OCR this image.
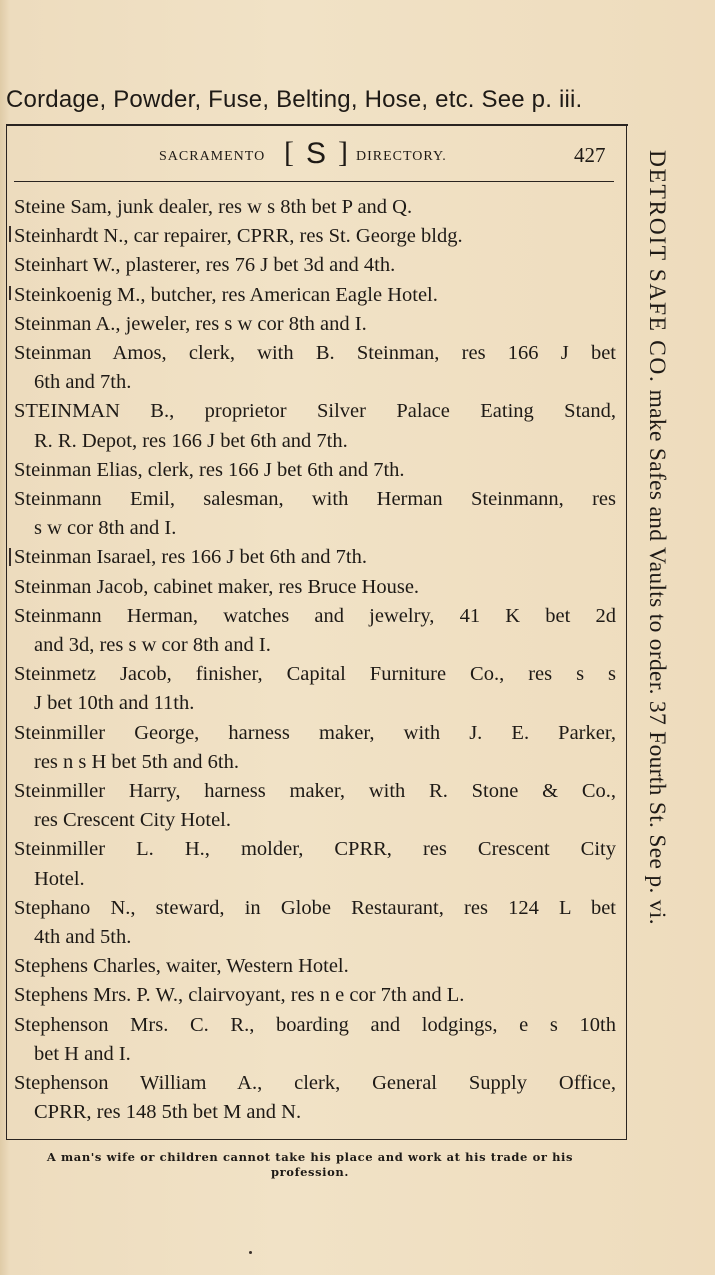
Cordage, Powder, Fuse, Belting, Hose, etc. See p. iii.
SACRAMENTO [ S ] DIRECTORY.	427
Steine Sam, junk dealer, res w s 8th bet P and Q.
Steinhardt N., car repairer, CPRR, res St. George bldg.
Steinhart W., plasterer, res 76 J bet 3d and 4th.
Steinkoenig M., butcher, res American Eagle Hotel.
Steinman A., jeweler, res s w cor 8th and I.
Steinman Amos, clerk, with B. Steinman, res 166 J bet
6th and 7th.
STEINMAN B., proprietor Silver Palace Eating Stand,
R. R. Depot, res 166 J bet 6th and 7th.
Steinman Elias, clerk, res 166 J bet 6th and 7th.
Steinmann Emil, salesman, with Herman Steinmann, res
s w cor 8th and I.
Steinman Isarael, res 166 J bet 6th and 7th.
Steinman Jacob, cabinet maker, res Bruce House.
Steinmann Herman, watches and jewelry, 41 K bet 2d
and 3d, res s w cor 8th and I.
Steinmetz Jacob, finisher, Capital Furniture Co., res s s
J bet 10th and 11th.
Steinmiller George, harness maker, with J. E. Parker,
res n s H bet 5th and 6th.
Steinmiller Harry, harness maker, with R. Stone & Co.,
res Crescent City Hotel.
Steinmiller L. H., molder, CPRR, res Crescent City
Hotel.
Stephano N., steward, in Globe Restaurant, res 124 L bet
4th and 5th.
Stephens Charles, waiter, Western Hotel.
Stephens Mrs. P. W., clairvoyant, res n e cor 7th and L.
Stephenson Mrs. C. R., boarding and lodgings, e s 10th
bet H and I.
Stephenson William A., clerk, General Supply Office,
CPRR, res 148 5th bet M and N.
DETROIT SAFE CO. make Safes and Vaults to order. 37 Fourth St. See p. vi.
A man's wife or children cannot take his place and work at his trade or his profession.
